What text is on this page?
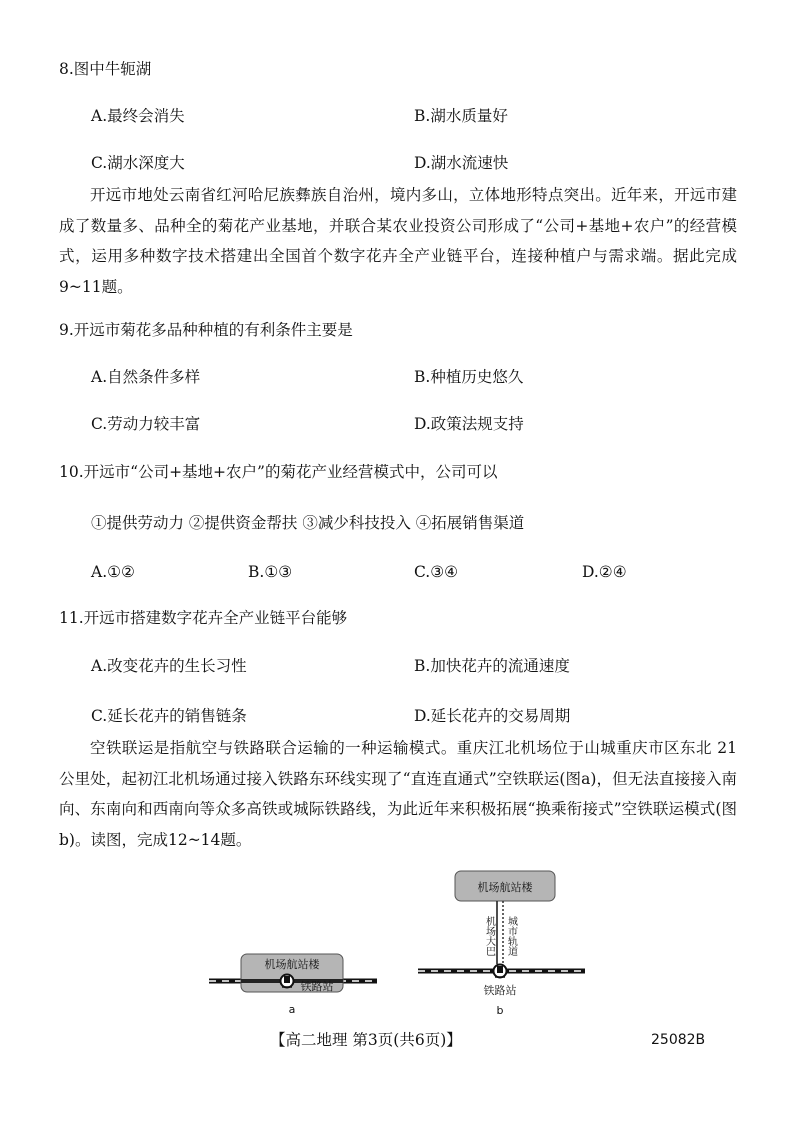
8.图中牛轭湖
A.最终会消失	B.湖水质量好
C.湖水深度大	D.湖水流速快

开远市地处云南省红河哈尼族彝族自治州，境内多山，立体地形特点突出。近年来，开远市建成了数量多、品种全的菊花产业基地，并联合某农业投资公司形成了“公司+基地+农户”的经营模式，运用多种数字技术搭建出全国首个数字花卉全产业链平台，连接种植户与需求端。据此完成9~11题。

9.开远市菊花多品种种植的有利条件主要是
A.自然条件多样	B.种植历史悠久
C.劳动力较丰富	D.政策法规支持
10.开远市“公司+基地+农户”的菊花产业经营模式中，公司可以
①提供劳动力 ②提供资金帮扶 ③减少科技投入 ④拓展销售渠道
A.①②	B.①③	C.③④	D.②④
11.开远市搭建数字花卉全产业链平台能够
A.改变花卉的生长习性	B.加快花卉的流通速度
C.延长花卉的销售链条	D.延长花卉的交易周期

空铁联运是指航空与铁路联合运输的一种运输模式。重庆江北机场位于山城重庆市区东北 21 公里处，起初江北机场通过接入铁路东环线实现了“直连直通式”空铁联运(图a)，但无法直接接入南向、东南向和西南向等众多高铁或城际铁路线，为此近年来积极拓展“换乘衔接式”空铁联运模式(图b)。读图，完成12~14题。

机场航站楼
铁路站
a
机场航站楼
机场大巴 城市轨道
铁路站
b
【高二地理 第3页(共6页)】	25082B
